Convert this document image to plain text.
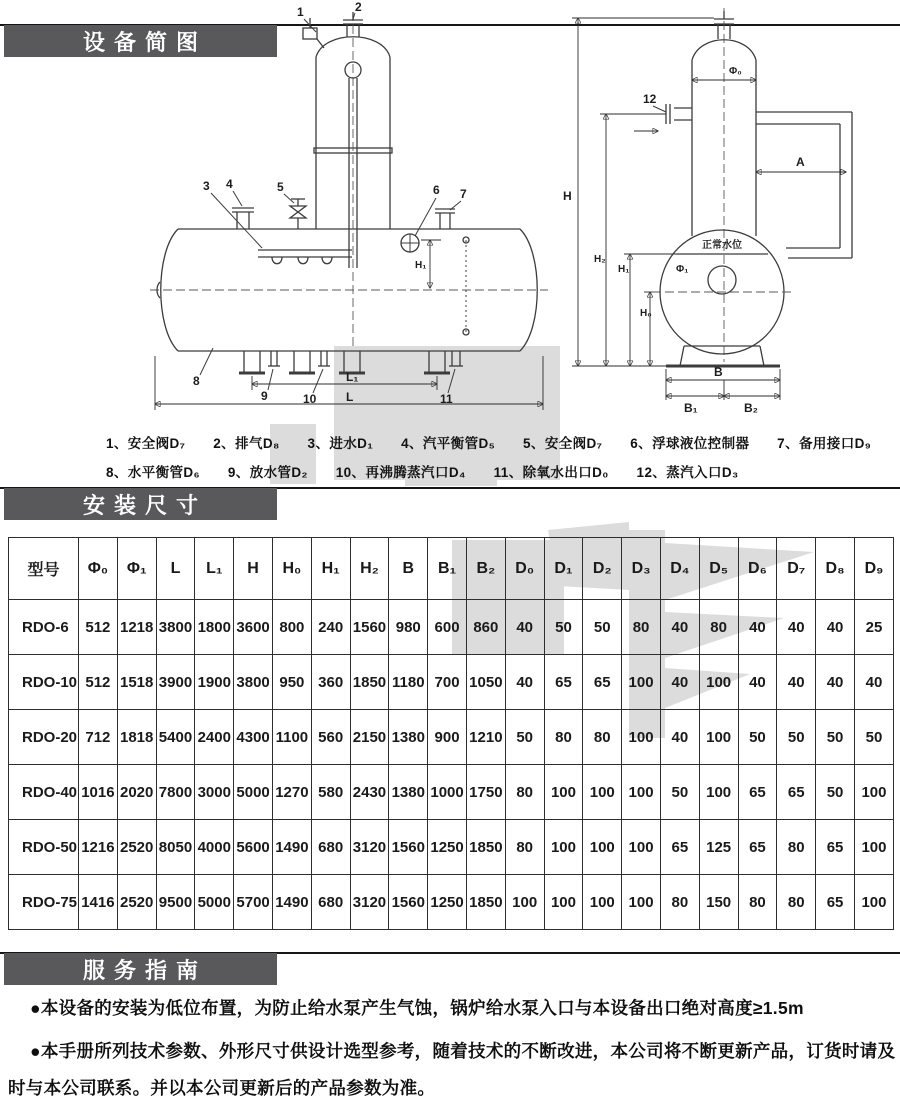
设备简图
H₁
L₁
L
1	2
3 4	5	6 7
8
9	10	11
Φ₀
12
A
Φ₁
正常水位
B
B₁	B₂
H
H₂
H₁
H₀
1、安全阀D₇　　2、排气D₈　　3、进水D₁　　4、汽平衡管D₅　　5、安全阀D₇　　6、浮球液位控制器　　7、备用接口D₉
8、水平衡管D₆　　9、放水管D₂　　10、再沸腾蒸汽口D₄　　11、除氧水出口D₀　　12、蒸汽入口D₃
安装尺寸
型号	Φ₀	Φ₁	L	L₁	H	H₀	H₁	H₂	B	B₁	B₂	D₀	D₁	D₂	D₃	D₄	D₅	D₆	D₇	D₈	D₉
RDO-6	512	1218	3800	1800	3600	800	240	1560	980	600	860	40	50	50	80	40	80	40	40	40	25
RDO-10	512	1518	3900	1900	3800	950	360	1850	1180	700	1050	40	65	65	100	40	100	40	40	40	40
RDO-20	712	1818	5400	2400	4300	1100	560	2150	1380	900	1210	50	80	80	100	40	100	50	50	50	50
RDO-40	1016	2020	7800	3000	5000	1270	580	2430	1380	1000	1750	80	100	100	100	50	100	65	65	50	100
RDO-50	1216	2520	8050	4000	5600	1490	680	3120	1560	1250	1850	80	100	100	100	65	125	65	80	65	100
RDO-75	1416	2520	9500	5000	5700	1490	680	3120	1560	1250	1850	100	100	100	100	80	150	80	80	65	100
服务指南

●本设备的安装为低位布置，为防止给水泵产生气蚀，锅炉给水泵入口与本设备出口绝对高度≥1.5m

●本手册所列技术参数、外形尺寸供设计选型参考，随着技术的不断改进，本公司将不断更新产品，订货时请及时与本公司联系。并以本公司更新后的产品参数为准。
